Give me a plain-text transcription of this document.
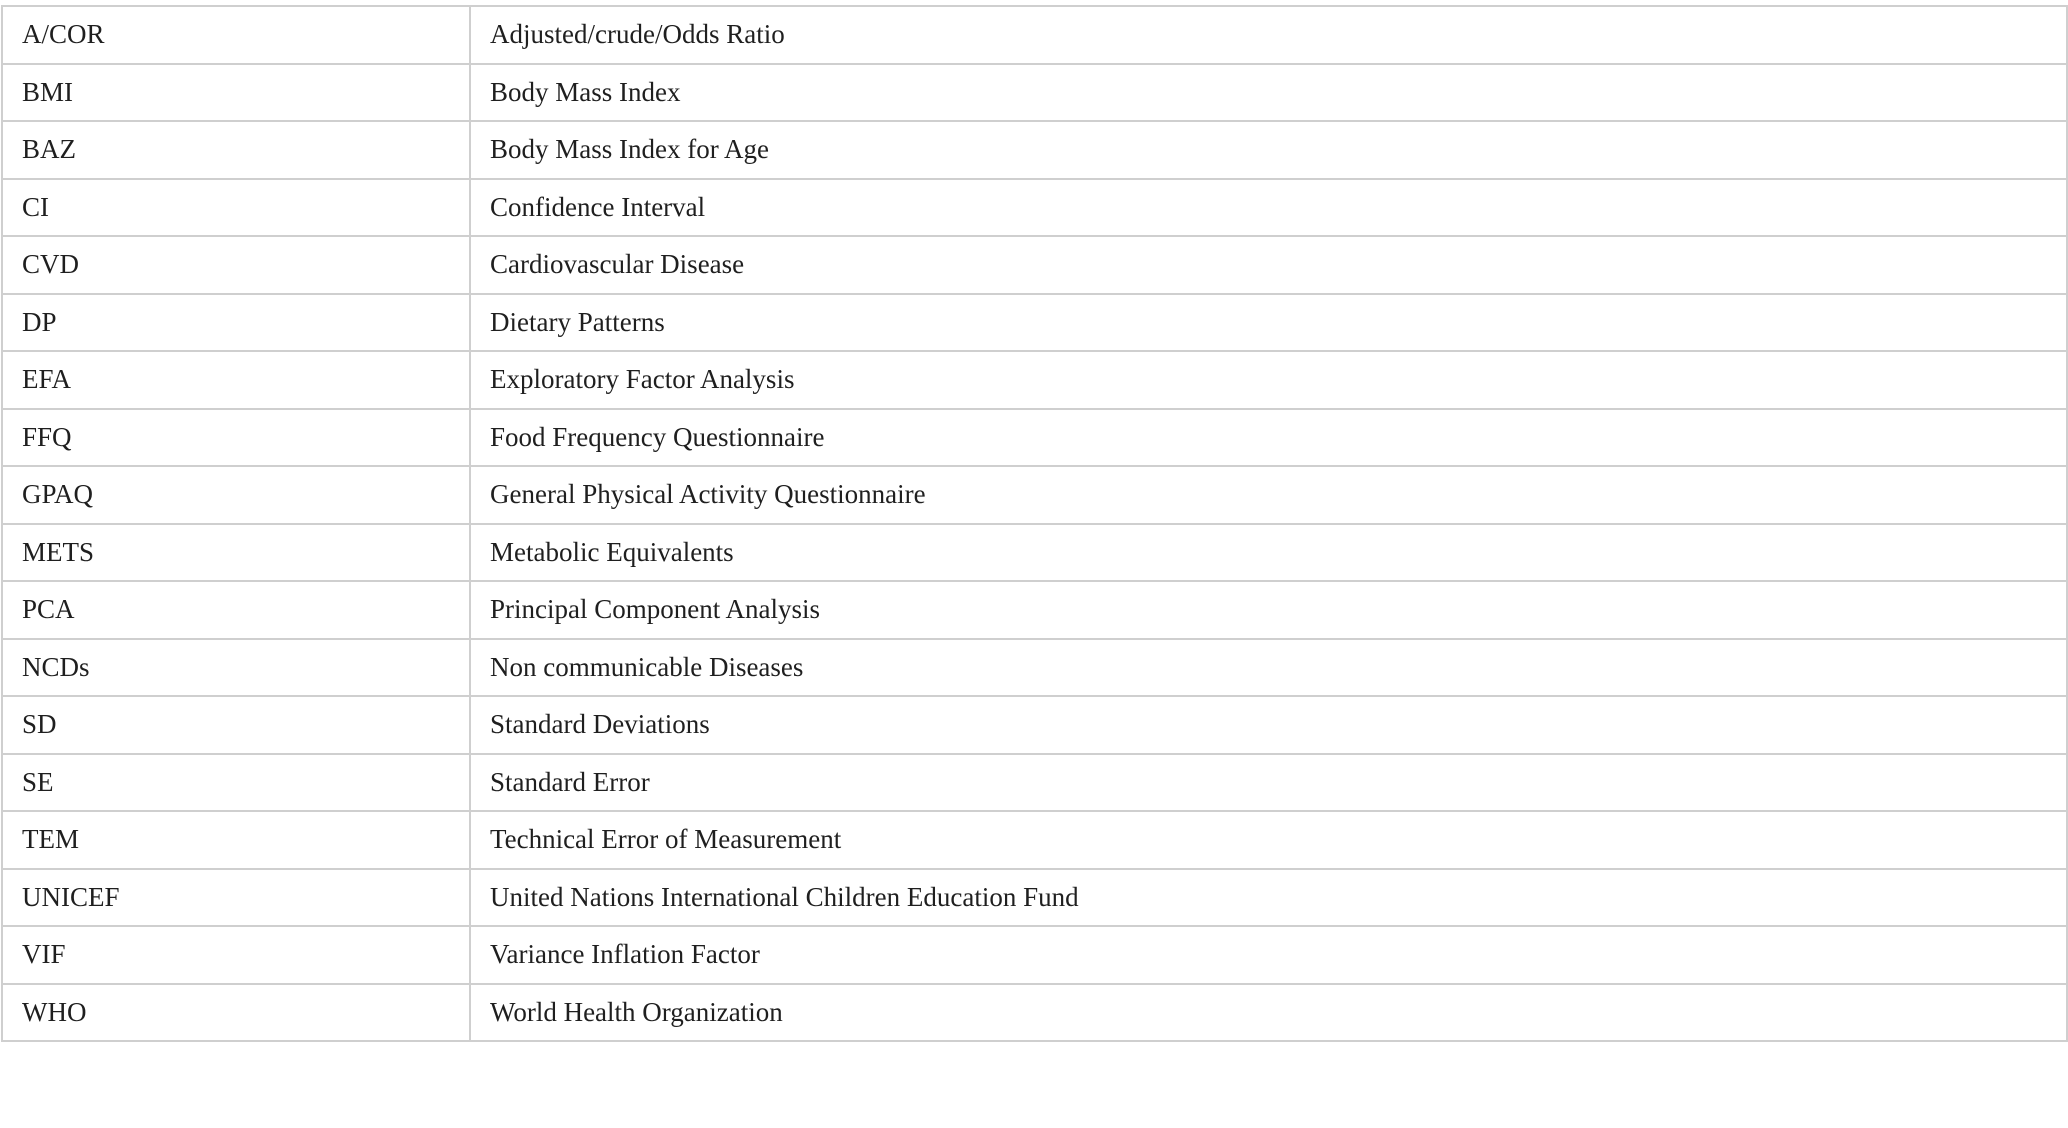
A/COR	Adjusted/crude/Odds Ratio
BMI	Body Mass Index
BAZ	Body Mass Index for Age
CI	Confidence Interval
CVD	Cardiovascular Disease
DP	Dietary Patterns
EFA	Exploratory Factor Analysis
FFQ	Food Frequency Questionnaire
GPAQ	General Physical Activity Questionnaire
METS	Metabolic Equivalents
PCA	Principal Component Analysis
NCDs	Non communicable Diseases
SD	Standard Deviations
SE	Standard Error
TEM	Technical Error of Measurement
UNICEF	United Nations International Children Education Fund
VIF	Variance Inflation Factor
WHO	World Health Organization
